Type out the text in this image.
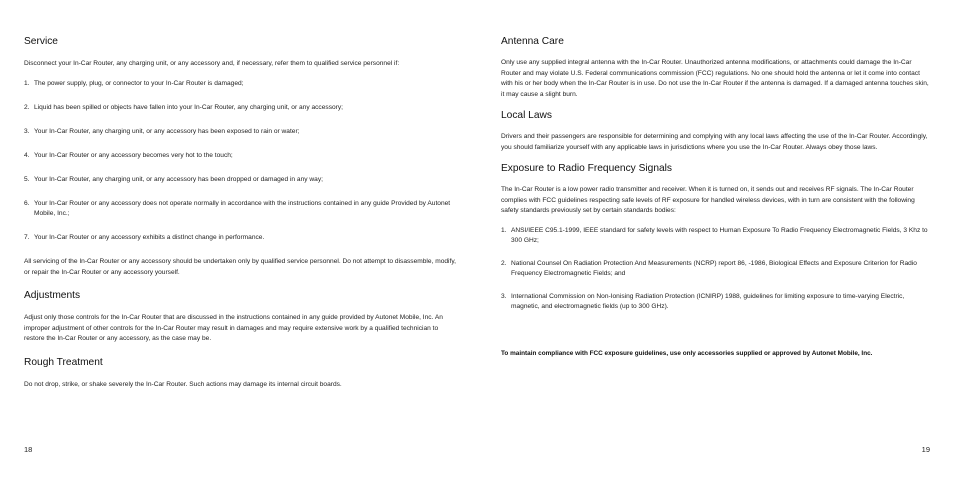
Service

Disconnect your In-Car Router, any charging unit, or any accessory and, if necessary, refer them to qualified service personnel if:

1. The power supply, plug, or connector to your In-Car Router is damaged;
2. Liquid has been spilled or objects have fallen into your In-Car Router, any charging unit, or any accessory;
3. Your In-Car Router, any charging unit, or any accessory has been exposed to rain or water;
4. Your In-Car Router or any accessory becomes very hot to the touch;
5. Your In-Car Router, any charging unit, or any accessory has been dropped or damaged in any way;
6. Your In-Car Router or any accessory does not operate normally in accordance with the instructions contained in any guide Provided by Autonet Mobile, Inc.;
7. Your In-Car Router or any accessory exhibits a distInct change in performance.

All servicing of the In-Car Router or any accessory should be undertaken only by qualified service personnel. Do not attempt to disassemble, modify, or repair the In-Car Router or any accessory yourself.

Adjustments

Adjust only those controls for the In-Car Router that are discussed in the instructions contained in any guide provided by Autonet Mobile, Inc. An improper adjustment of other controls for the In-Car Router may result in damages and may require extensive work by a qualified technician to restore the In-Car Router or any accessory, as the case may be.

Rough Treatment

Do not drop, strike, or shake severely the In-Car Router. Such actions may damage its internal circuit boards.

18
Antenna Care

Only use any supplied integral antenna with the In-Car Router. Unauthorized antenna modifications, or attachments could damage the In-Car Router and may violate U.S. Federal communications commission (FCC) regulations. No one should hold the antenna or let it come into contact with his or her body when the In-Car Router is in use. Do not use the In-Car Router if the antenna is damaged. If a damaged antenna touches skin, it may cause a slight burn.

Local Laws

Drivers and their passengers are responsible for determining and complying with any local laws affecting the use of the In-Car Router. Accordingly, you should familiarize yourself with any applicable laws in jurisdictions where you use the In-Car Router. Always obey those laws.

Exposure to Radio Frequency Signals

The In-Car Router is a low power radio transmitter and receiver. When it is turned on, it sends out and receives RF signals. The In-Car Router complies with FCC guidelines respecting safe levels of RF exposure for handled wireless devices, with in turn are consistent with the following safety standards previously set by certain standards bodies:

1. ANSI/IEEE C95.1-1999, IEEE standard for safety levels with respect to Human Exposure To Radio Frequency Electromagnetic Fields, 3 Khz to 300 GHz;
2. National Counsel On Radiation Protection And Measurements (NCRP) report 86, -1986, Biological Effects and Exposure Criterion for Radio Frequency Electromagnetic Fields; and
3. International Commission on Non-Ionising Radiation Protection (ICNIRP) 1988, guidelines for limiting exposure to time-varying Electric, magnetic, and electromagnetic fields (up to 300 GHz).

To maintain compliance with FCC exposure guidelines, use only accessories supplied or approved by Autonet Mobile, Inc.

19
